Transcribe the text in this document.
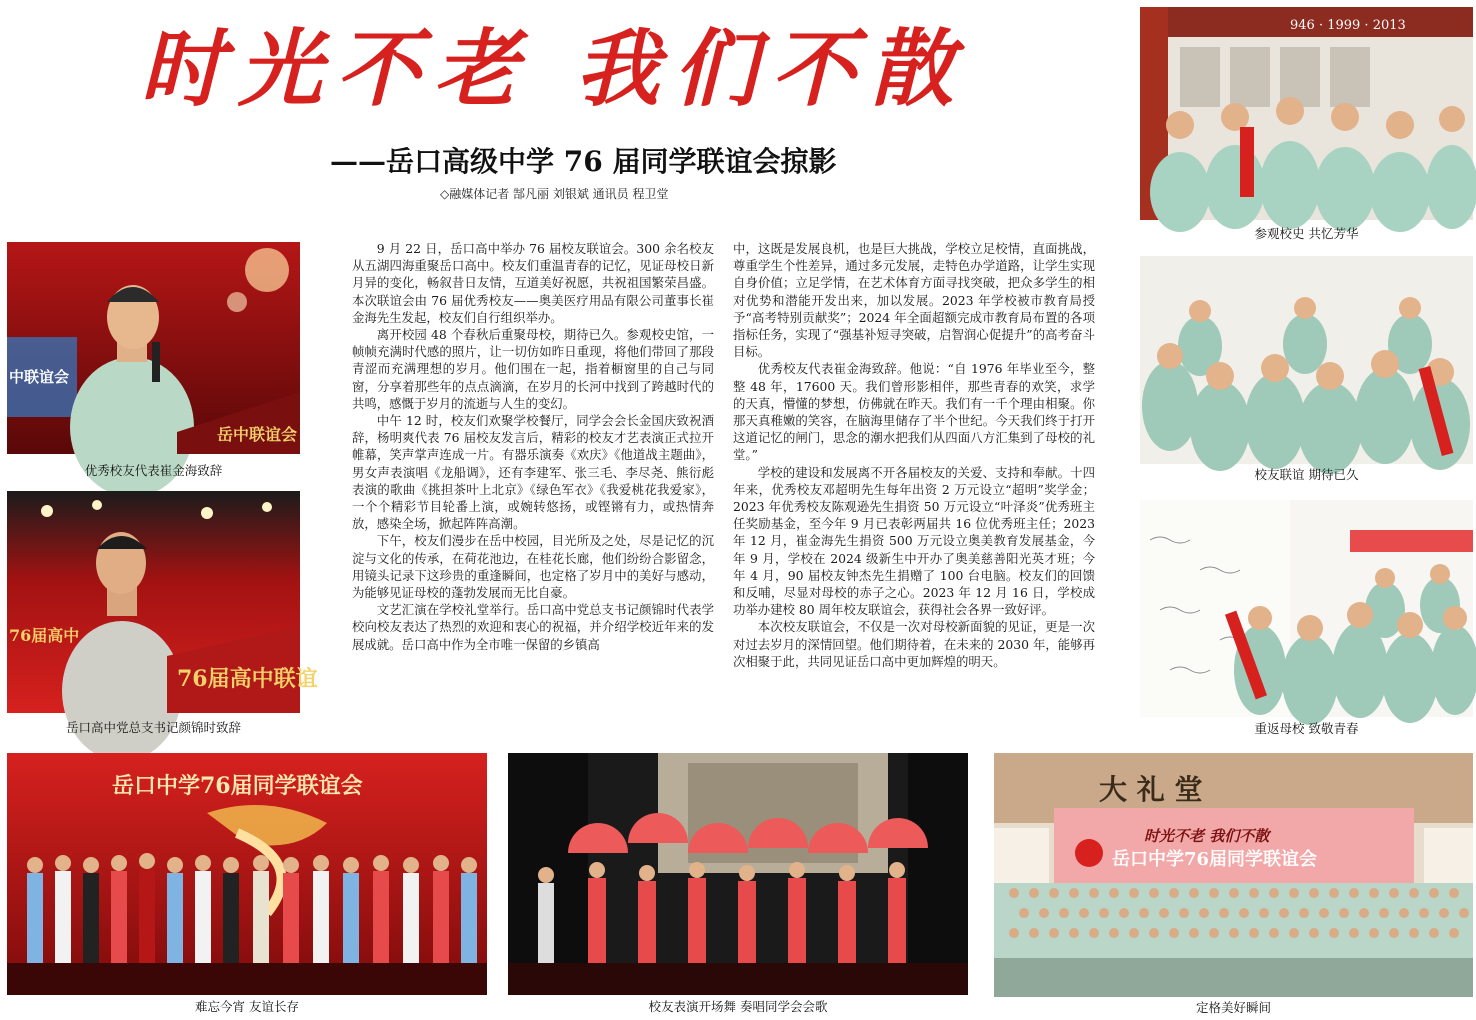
时光不老 我们不散
——岳口高级中学 76 届同学联谊会掠影
◇融媒体记者 郜凡丽 刘银斌 通讯员 程卫堂
中联谊会
岳中联谊会
优秀校友代表崔金海致辞
76届高中
76届高中联谊
岳口高中党总支书记颜锦时致辞

9 月 22 日，岳口高中举办 76 届校友联谊会。300 余名校友从五湖四海重聚岳口高中。校友们重温青春的记忆，见证母校日新月异的变化，畅叙昔日友情，互道美好祝愿，共祝祖国繁荣昌盛。本次联谊会由 76 届优秀校友——奥美医疗用品有限公司董事长崔金海先生发起，校友们自行组织举办。

离开校园 48 个春秋后重聚母校，期待已久。参观校史馆，一帧帧充满时代感的照片，让一切仿如昨日重现，将他们带回了那段青涩而充满理想的岁月。他们围在一起，指着橱窗里的自己与同窗，分享着那些年的点点滴滴，在岁月的长河中找到了跨越时代的共鸣，感慨于岁月的流逝与人生的变幻。

中午 12 时，校友们欢聚学校餐厅，同学会会长金国庆致祝酒辞，杨明爽代表 76 届校友发言后，精彩的校友才艺表演正式拉开帷幕，笑声掌声连成一片。有器乐演奏《欢庆》《他道战主题曲》，男女声表演唱《龙船调》，还有李建军、张三毛、李尽尧、熊衍彪表演的歌曲《挑担茶叶上北京》《绿色军衣》《我爱桃花我爱家》，一个个精彩节目轮番上演，或婉转悠扬，或铿锵有力，或热情奔放，感染全场，掀起阵阵高潮。

下午，校友们漫步在岳中校园，目光所及之处，尽是记忆的沉淀与文化的传承，在荷花池边，在桂花长廊，他们纷纷合影留念，用镜头记录下这珍贵的重逢瞬间，也定格了岁月中的美好与感动，为能够见证母校的蓬勃发展而无比自豪。

文艺汇演在学校礼堂举行。岳口高中党总支书记颜锦时代表学校向校友表达了热烈的欢迎和衷心的祝福，并介绍学校近年来的发展成就。岳口高中作为全市唯一保留的乡镇高

中，这既是发展良机，也是巨大挑战，学校立足校情，直面挑战，尊重学生个性差异，通过多元发展，走特色办学道路，让学生实现自身价值；立足学情，在艺术体育方面寻找突破，把众多学生的相对优势和潜能开发出来，加以发展。2023 年学校被市教育局授予“高考特别贡献奖”；2024 年全面超额完成市教育局布置的各项指标任务，实现了“强基补短寻突破，启智润心促提升”的高考奋斗目标。

优秀校友代表崔金海致辞。他说：“自 1976 年毕业至今，整整 48 年，17600 天。我们曾形影相伴，那些青春的欢笑，求学的天真，懵懂的梦想，仿佛就在昨天。我们有一千个理由相聚。你那天真稚嫩的笑容，在脑海里储存了半个世纪。今天我们终于打开这道记忆的闸门，思念的潮水把我们从四面八方汇集到了母校的礼堂。”

学校的建设和发展离不开各届校友的关爱、支持和奉献。十四年来，优秀校友邓超明先生每年出资 2 万元设立“超明”奖学金；2023 年优秀校友陈观逊先生捐资 50 万元设立“叶泽炎”优秀班主任奖励基金，至今年 9 月已表彰两届共 16 位优秀班主任；2023 年 12 月，崔金海先生捐资 500 万元设立奥美教育发展基金，今年 9 月，学校在 2024 级新生中开办了奥美慈善阳光英才班；今年 4 月，90 届校友钟杰先生捐赠了 100 台电脑。校友们的回馈和反哺，尽显对母校的赤子之心。2023 年 12 月 16 日，学校成功举办建校 80 周年校友联谊会，获得社会各界一致好评。

本次校友联谊会，不仅是一次对母校新面貌的见证，更是一次对过去岁月的深情回望。他们期待着，在未来的 2030 年，能够再次相聚于此，共同见证岳口高中更加辉煌的明天。

946 · 1999 · 2013
参观校史 共忆芳华
校友联谊 期待已久
重返母校 致敬青春
岳口中学76届同学联谊会
难忘今宵 友谊长存	校友表演开场舞 奏唱同学会会歌
大 礼 堂
时光不老 我们不散
岳口中学76届同学联谊会
定格美好瞬间
